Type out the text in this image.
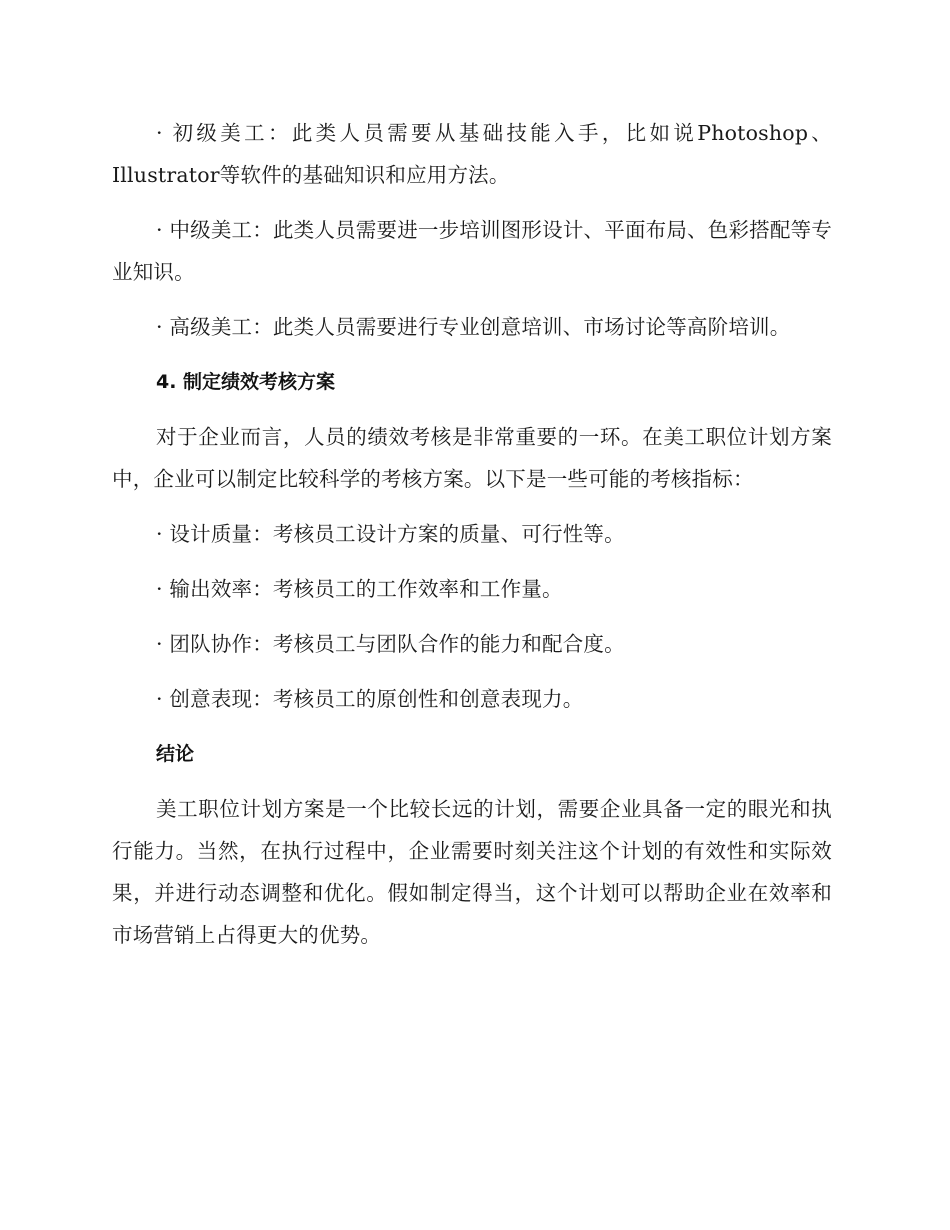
· 初级美工：此类人员需要从基础技能入手，比如说Photoshop、Illustrator等软件的基础知识和应用方法。

· 中级美工：此类人员需要进一步培训图形设计、平面布局、色彩搭配等专业知识。

· 高级美工：此类人员需要进行专业创意培训、市场讨论等高阶培训。

4. 制定绩效考核方案

对于企业而言，人员的绩效考核是非常重要的一环。在美工职位计划方案中，企业可以制定比较科学的考核方案。以下是一些可能的考核指标：

· 设计质量：考核员工设计方案的质量、可行性等。

· 输出效率：考核员工的工作效率和工作量。

· 团队协作：考核员工与团队合作的能力和配合度。

· 创意表现：考核员工的原创性和创意表现力。

结论

美工职位计划方案是一个比较长远的计划，需要企业具备一定的眼光和执行能力。当然，在执行过程中，企业需要时刻关注这个计划的有效性和实际效果，并进行动态调整和优化。假如制定得当，这个计划可以帮助企业在效率和市场营销上占得更大的优势。
